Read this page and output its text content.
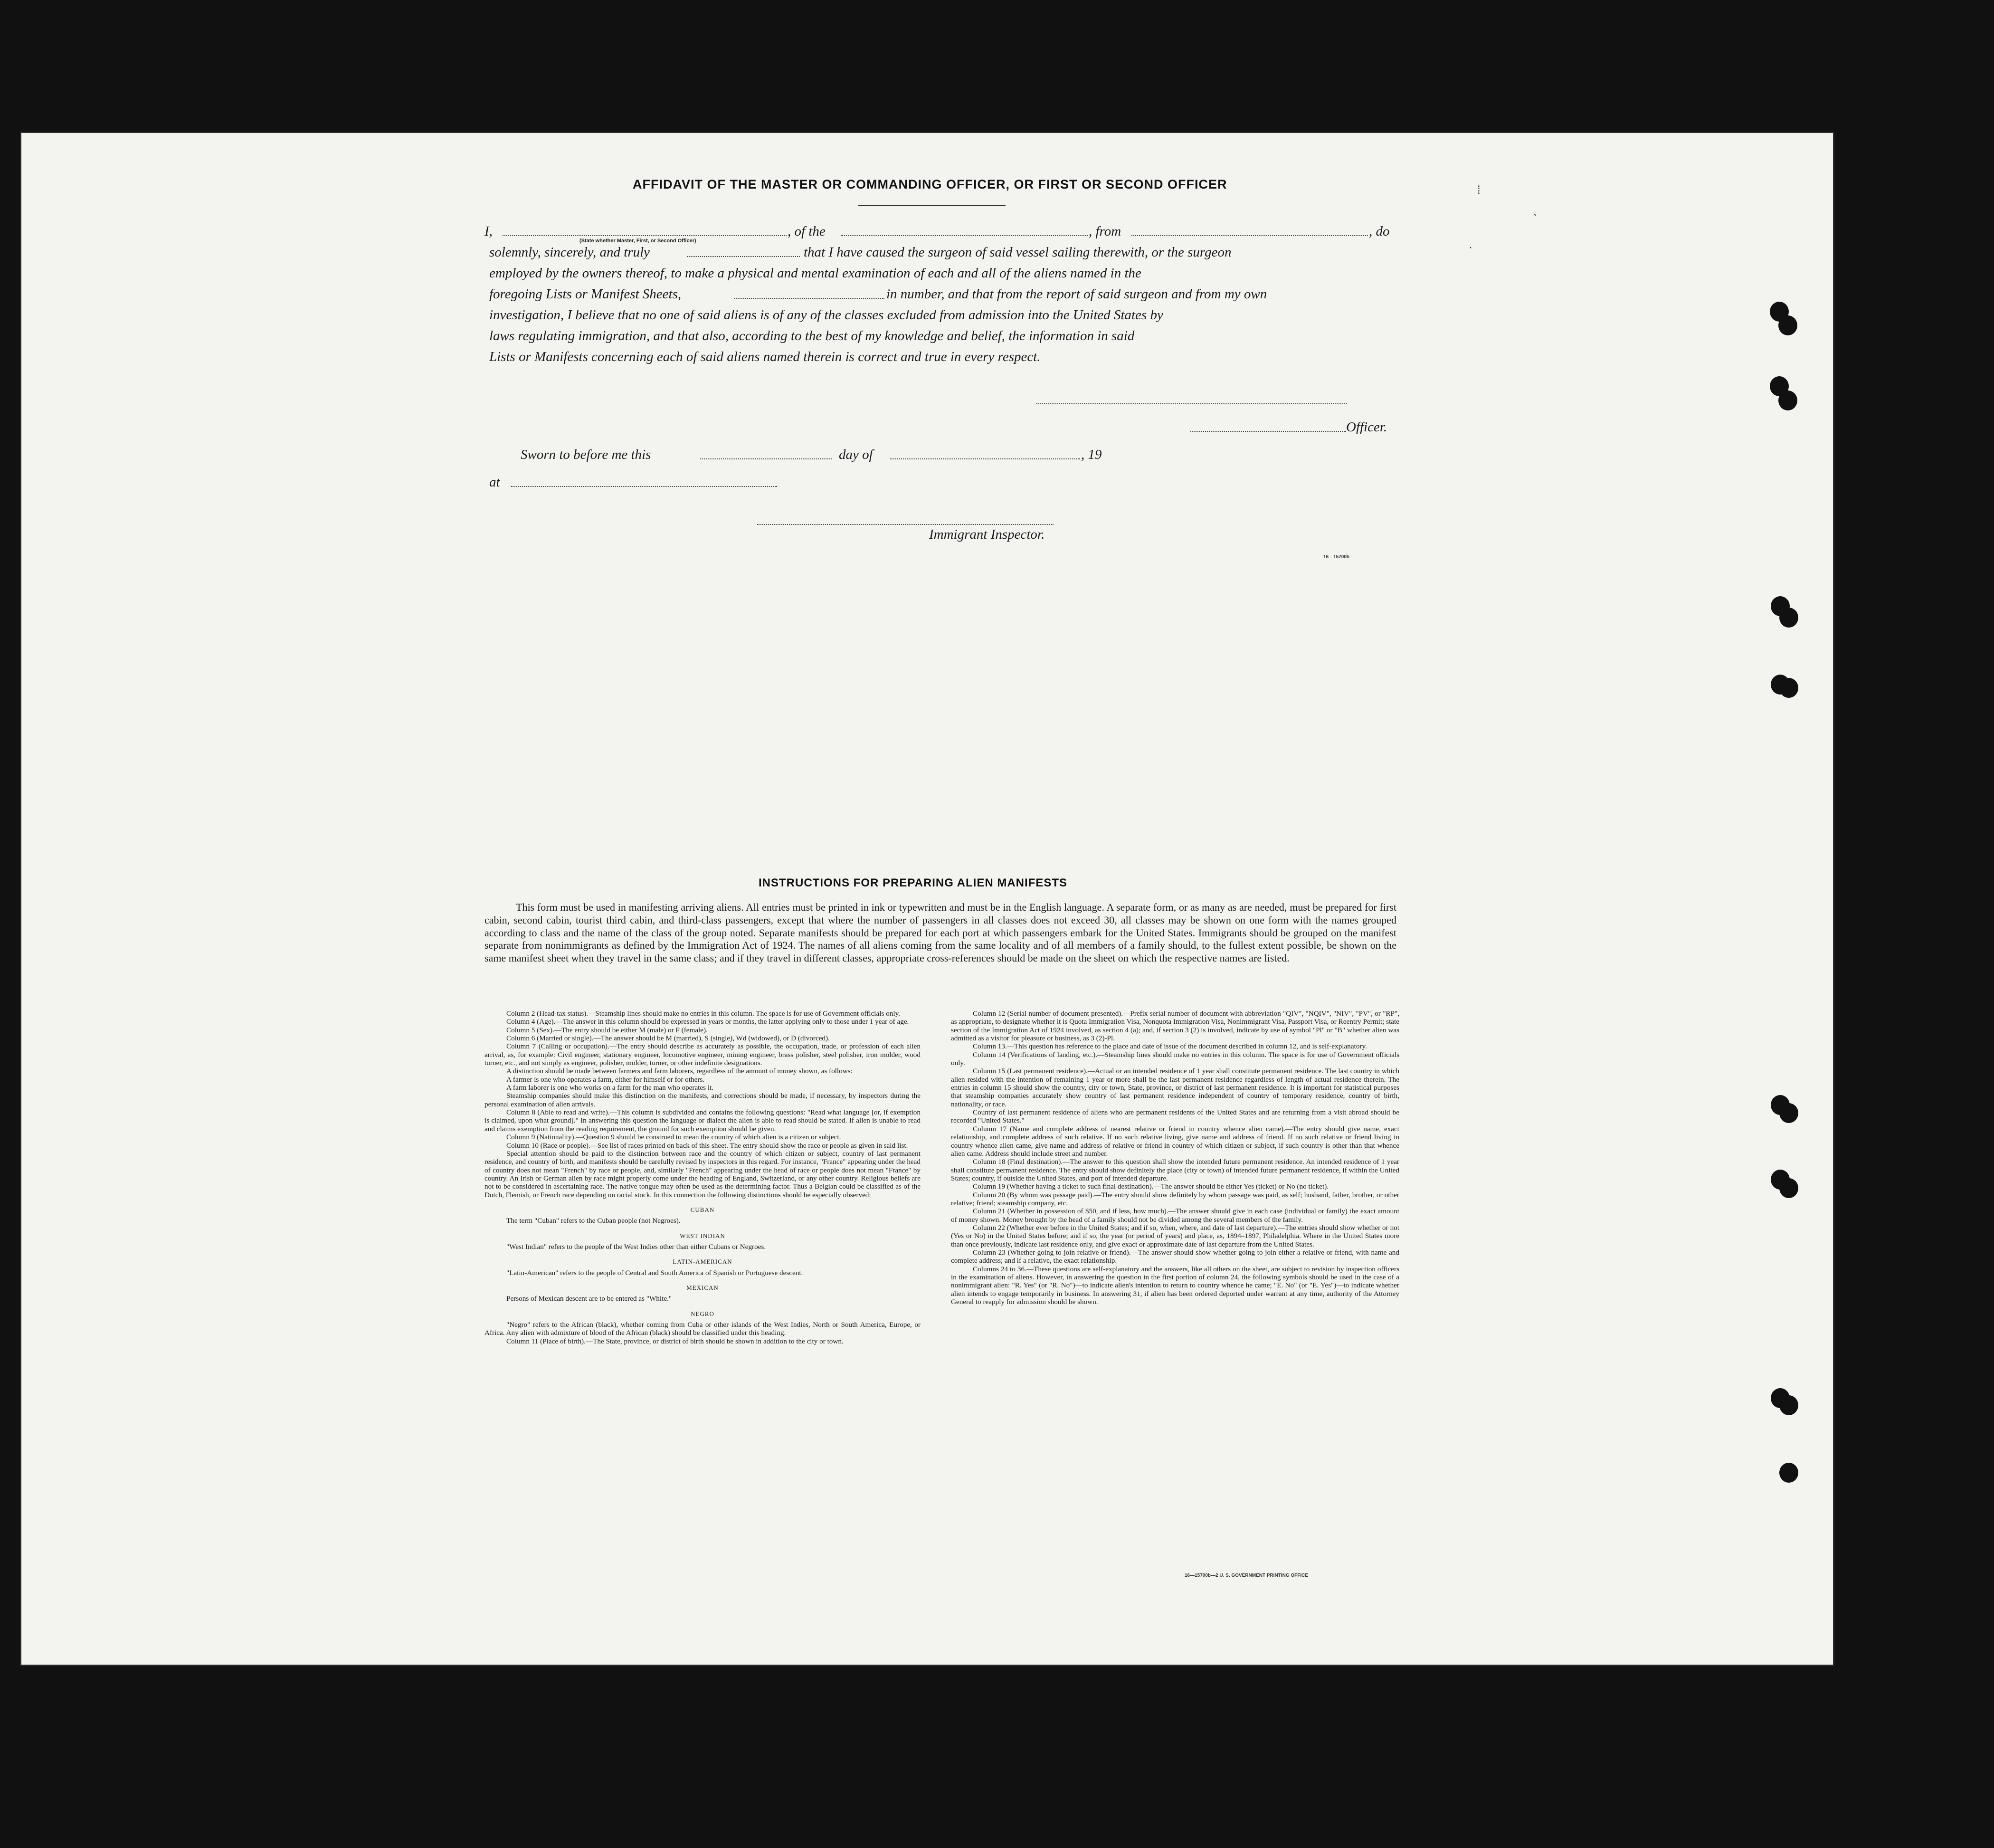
⁞
ˋ
·
AFFIDAVIT OF THE MASTER OR COMMANDING OFFICER, OR FIRST OR SECOND OFFICER
I,
(State whether Master, First, or Second Officer)
, of the	, from	, do
solemnly, sincerely, and truly	that I have caused the surgeon of said vessel sailing therewith, or the surgeon
employed by the owners thereof, to make a physical and mental examination of each and all of the aliens named in the
foregoing Lists or Manifest Sheets,	in number, and that from the report of said surgeon and from my own
investigation, I believe that no one of said aliens is of any of the classes excluded from admission into the United States by
laws regulating immigration, and that also, according to the best of my knowledge and belief, the information in said
Lists or Manifests concerning each of said aliens named therein is correct and true in every respect.
Officer.
Sworn to before me this	day of	, 19
at
Immigrant Inspector.
16—15700b
INSTRUCTIONS FOR PREPARING ALIEN MANIFESTS
This form must be used in manifesting arriving aliens. All entries must be printed in ink or typewritten and must be in the English language. A separate form, or as many as are needed, must be prepared for first cabin, second cabin, tourist third cabin, and third-class passengers, except that where the number of passengers in all classes does not exceed 30, all classes may be shown on one form with the names grouped according to class and the name of the class of the group noted. Separate manifests should be prepared for each port at which passengers embark for the United States. Immigrants should be grouped on the manifest separate from nonimmigrants as defined by the Immigration Act of 1924. The names of all aliens coming from the same locality and of all members of a family should, to the fullest extent possible, be shown on the same manifest sheet when they travel in the same class; and if they travel in different classes, appropriate cross-references should be made on the sheet on which the respective names are listed.

Column 2 (Head-tax status).—Steamship lines should make no entries in this column. The space is for use of Government officials only.

Column 4 (Age).—The answer in this column should be expressed in years or months, the latter applying only to those under 1 year of age.

Column 5 (Sex).—The entry should be either M (male) or F (female).

Column 6 (Married or single).—The answer should be M (married), S (single), Wd (widowed), or D (divorced).

Column 7 (Calling or occupation).—The entry should describe as accurately as possible, the occupation, trade, or profession of each alien arrival, as, for example: Civil engineer, stationary engineer, locomotive engineer, mining engineer, brass polisher, steel polisher, iron molder, wood turner, etc., and not simply as engineer, polisher, molder, turner, or other indefinite designations.

A distinction should be made between farmers and farm laborers, regardless of the amount of money shown, as follows:

A farmer is one who operates a farm, either for himself or for others.

A farm laborer is one who works on a farm for the man who operates it.

Steamship companies should make this distinction on the manifests, and corrections should be made, if necessary, by inspectors during the personal examination of alien arrivals.

Column 8 (Able to read and write).—This column is subdivided and contains the following questions: "Read what language [or, if exemption is claimed, upon what ground]." In answering this question the language or dialect the alien is able to read should be stated. If alien is unable to read and claims exemption from the reading requirement, the ground for such exemption should be given.

Column 9 (Nationality).—Question 9 should be construed to mean the country of which alien is a citizen or subject.

Column 10 (Race or people).—See list of races printed on back of this sheet. The entry should show the race or people as given in said list.

Special attention should be paid to the distinction between race and the country of which citizen or subject, country of last permanent residence, and country of birth, and manifests should be carefully revised by inspectors in this regard. For instance, "France" appearing under the head of country does not mean "French" by race or people, and, similarly "French" appearing under the head of race or people does not mean "France" by country. An Irish or German alien by race might properly come under the heading of England, Switzerland, or any other country. Religious beliefs are not to be considered in ascertaining race. The native tongue may often be used as the determining factor. Thus a Belgian could be classified as of the Dutch, Flemish, or French race depending on racial stock. In this connection the following distinctions should be especially observed:

CUBAN

The term "Cuban" refers to the Cuban people (not Negroes).

WEST INDIAN

"West Indian" refers to the people of the West Indies other than either Cubans or Negroes.

LATIN-AMERICAN

"Latin-American" refers to the people of Central and South America of Spanish or Portuguese descent.

MEXICAN

Persons of Mexican descent are to be entered as "White."

NEGRO

"Negro" refers to the African (black), whether coming from Cuba or other islands of the West Indies, North or South America, Europe, or Africa. Any alien with admixture of blood of the African (black) should be classified under this heading.

Column 11 (Place of birth).—The State, province, or district of birth should be shown in addition to the city or town.

Column 12 (Serial number of document presented).—Prefix serial number of document with abbreviation "QIV", "NQIV", "NIV", "PV", or "RP", as appropriate, to designate whether it is Quota Immigration Visa, Nonquota Immigration Visa, Nonimmigrant Visa, Passport Visa, or Reentry Permit; state section of the Immigration Act of 1924 involved, as section 4 (a); and, if section 3 (2) is involved, indicate by use of symbol "Pl" or "B" whether alien was admitted as a visitor for pleasure or business, as 3 (2)-Pl.

Column 13.—This question has reference to the place and date of issue of the document described in column 12, and is self-explanatory.

Column 14 (Verifications of landing, etc.).—Steamship lines should make no entries in this column. The space is for use of Government officials only.

Column 15 (Last permanent residence).—Actual or an intended residence of 1 year shall constitute permanent residence. The last country in which alien resided with the intention of remaining 1 year or more shall be the last permanent residence regardless of length of actual residence therein. The entries in column 15 should show the country, city or town, State, province, or district of last permanent residence. It is important for statistical purposes that steamship companies accurately show country of last permanent residence independent of country of temporary residence, country of birth, nationality, or race.

Country of last permanent residence of aliens who are permanent residents of the United States and are returning from a visit abroad should be recorded "United States."

Column 17 (Name and complete address of nearest relative or friend in country whence alien came).—The entry should give name, exact relationship, and complete address of such relative. If no such relative living, give name and address of friend. If no such relative or friend living in country whence alien came, give name and address of relative or friend in country of which citizen or subject, if such country is other than that whence alien came. Address should include street and number.

Column 18 (Final destination).—The answer to this question shall show the intended future permanent residence. An intended residence of 1 year shall constitute permanent residence. The entry should show definitely the place (city or town) of intended future permanent residence, if within the United States; country, if outside the United States, and port of intended departure.

Column 19 (Whether having a ticket to such final destination).—The answer should be either Yes (ticket) or No (no ticket).

Column 20 (By whom was passage paid).—The entry should show definitely by whom passage was paid, as self; husband, father, brother, or other relative; friend; steamship company, etc.

Column 21 (Whether in possession of $50, and if less, how much).—The answer should give in each case (individual or family) the exact amount of money shown. Money brought by the head of a family should not be divided among the several members of the family.

Column 22 (Whether ever before in the United States; and if so, when, where, and date of last departure).—The entries should show whether or not (Yes or No) in the United States before; and if so, the year (or period of years) and place, as, 1894–1897, Philadelphia. Where in the United States more than once previously, indicate last residence only, and give exact or approximate date of last departure from the United States.

Column 23 (Whether going to join relative or friend).—The answer should show whether going to join either a relative or friend, with name and complete address; and if a relative, the exact relationship.

Columns 24 to 36.—These questions are self-explanatory and the answers, like all others on the sheet, are subject to revision by inspection officers in the examination of aliens. However, in answering the question in the first portion of column 24, the following symbols should be used in the case of a nonimmigrant alien: "R. Yes" (or "R. No")—to indicate alien's intention to return to country whence he came; "E. No" (or "E. Yes")—to indicate whether alien intends to engage temporarily in business. In answering 31, if alien has been ordered deported under warrant at any time, authority of the Attorney General to reapply for admission should be shown.

16—15700b—2 U. S. GOVERNMENT PRINTING OFFICE
